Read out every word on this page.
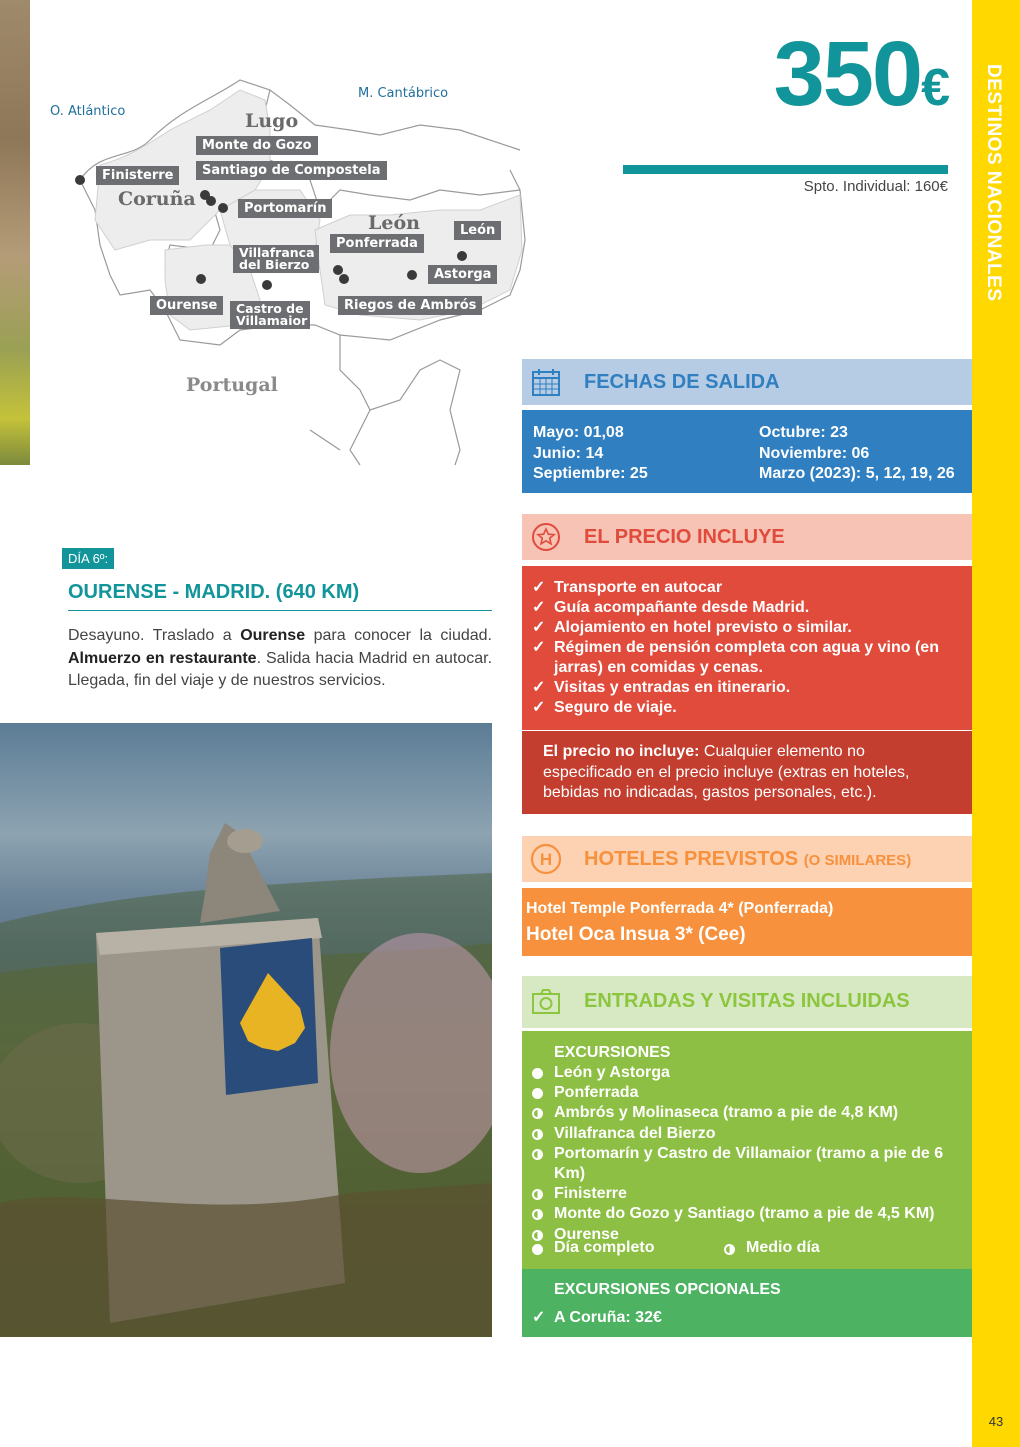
DESTINOS NACIONALES
43
O. Atlántico
M. Cantábrico
Lugo
Coruña
León
Portugal
Monte do Gozo
Santiago de Compostela
Finisterre
Portomarín
Ponferrada
León
Villafranca del Bierzo
Astorga
Ourense	Castro de Villamaior
Riegos de Ambrós
350€
Spto. Individual: 160€
DÍA 6º:
OURENSE - MADRID. (640 KM)
Desayuno. Traslado a Ourense para conocer la ciudad. Almuerzo en restaurante. Salida hacia Madrid en autocar. Llegada, fin del viaje y de nuestros servicios.
FECHAS DE SALIDA
Mayo: 01,08
Junio: 14
Septiembre: 25
Octubre: 23
Noviembre: 06
Marzo (2023): 5, 12, 19, 26
EL PRECIO INCLUYE
✓ Transporte en autocar
✓ Guía acompañante desde Madrid.
✓ Alojamiento en hotel previsto o similar.
✓ Régimen de pensión completa con agua y vino (en jarras) en comidas y cenas.
✓ Visitas y entradas en itinerario.
✓ Seguro de viaje.
El precio no incluye: Cualquier elemento no especificado en el precio incluye (extras en hoteles, bebidas no indicadas, gastos personales, etc.).
H HOTELES PREVISTOS (O SIMILARES)
Hotel Temple Ponferrada 4* (Ponferrada)
Hotel Oca Insua 3* (Cee)
ENTRADAS Y VISITAS INCLUIDAS
EXCURSIONES
León y Astorga
Ponferrada
Ambrós y Molinaseca (tramo a pie de 4,8 KM)
Villafranca del Bierzo
Portomarín y Castro de Villamaior (tramo a pie de 6 Km)
Finisterre
Monte do Gozo y Santiago (tramo a pie de 4,5 KM)
Ourense
Día completo	Medio día
EXCURSIONES OPCIONALES
✓ A Coruña: 32€
